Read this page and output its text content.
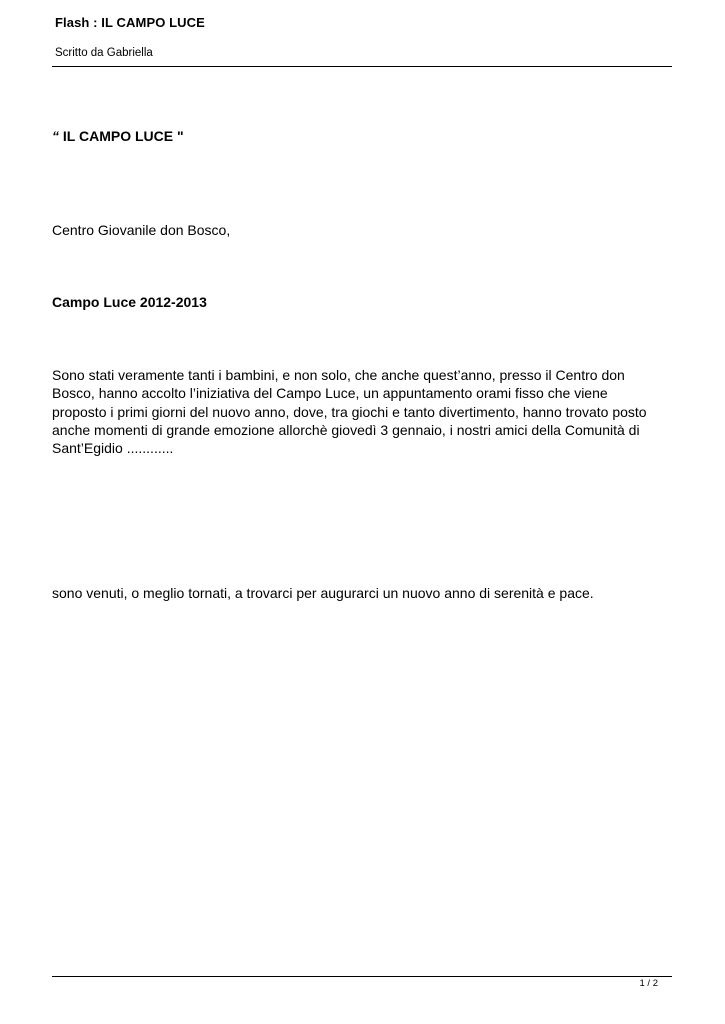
Flash : IL CAMPO LUCE
Scritto da Gabriella
“ IL CAMPO LUCE "
Centro Giovanile don Bosco,
Campo Luce 2012-2013
Sono stati veramente tanti i bambini, e non solo, che anche quest’anno, presso il Centro don
Bosco, hanno accolto l’iniziativa del Campo Luce, un appuntamento orami fisso che viene
proposto i primi giorni del nuovo anno, dove, tra giochi e tanto divertimento, hanno trovato posto
anche momenti di grande emozione allorchè giovedì 3 gennaio, i nostri amici della Comunità di
Sant’Egidio ............
sono venuti, o meglio tornati, a trovarci per augurarci un nuovo anno di serenità e pace.
1 / 2
